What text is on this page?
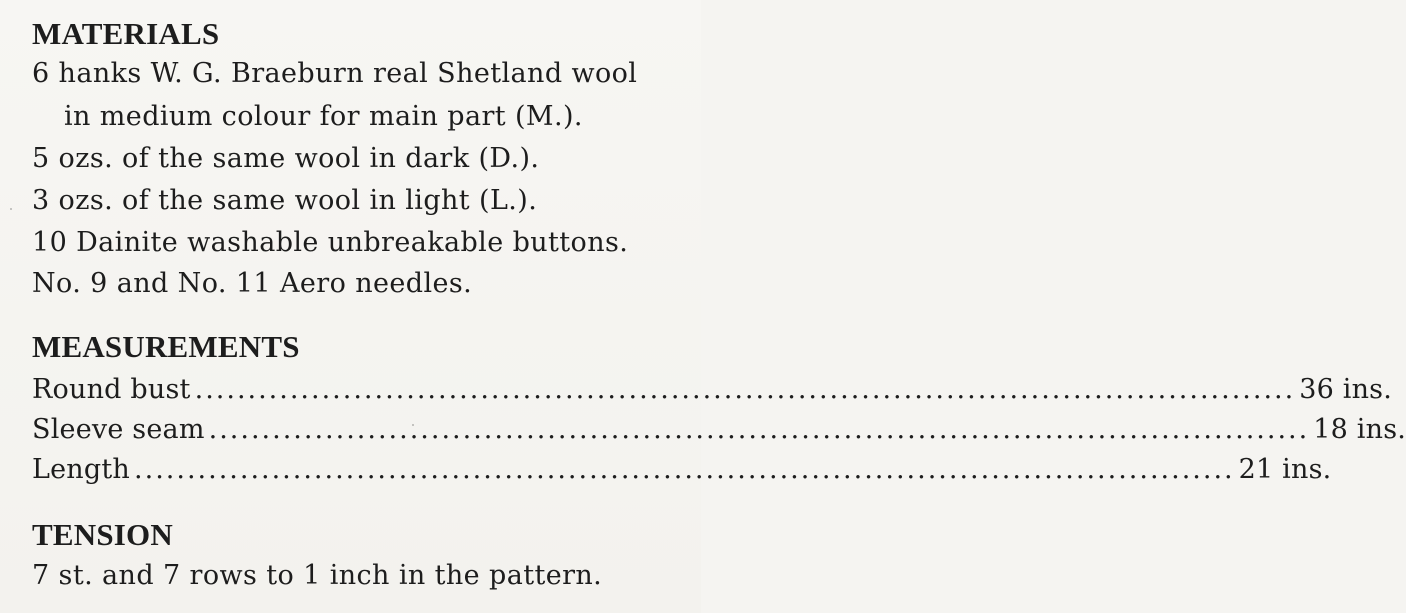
MATERIALS
6 hanks W. G. Braeburn real Shetland wool
in medium colour for main part (M.).
5 ozs. of the same wool in dark (D.).
3 ozs. of the same wool in light (L.).
10 Dainite washable unbreakable buttons.
No. 9 and No. 11 Aero needles.
MEASUREMENTS
Round bust ........................................................................................................ 36 ins.
Sleeve seam ........................................................................................................ 18 ins.
Length ........................................................................................................ 21 ins.
TENSION
7 st. and 7 rows to 1 inch in the pattern.
